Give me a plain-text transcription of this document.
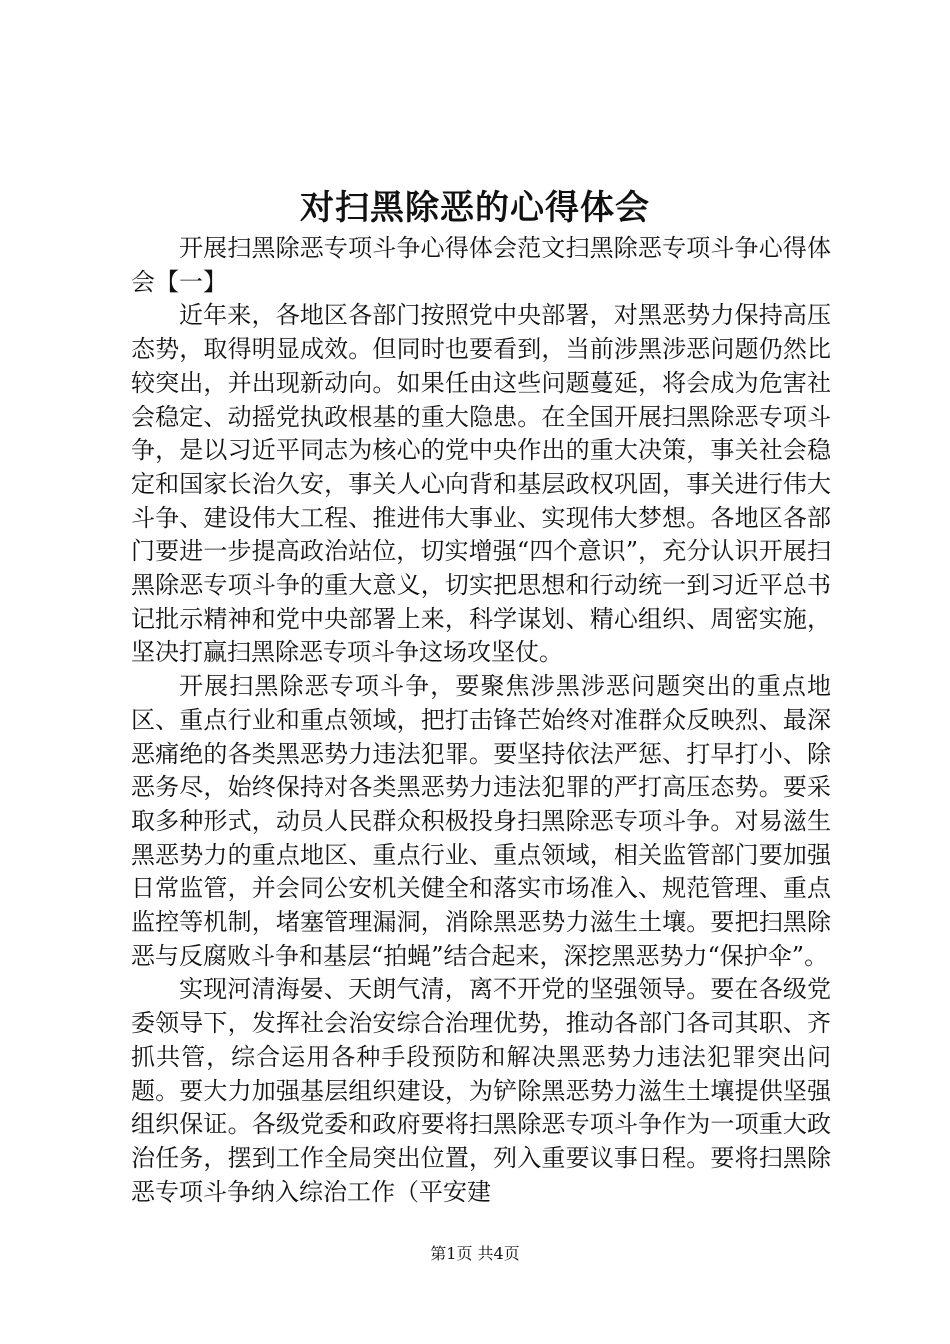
对扫黑除恶的心得体会

开展扫黑除恶专项斗争心得体会范文扫黑除恶专项斗争心得体会【一】

近年来，各地区各部门按照党中央部署，对黑恶势力保持高压态势，取得明显成效。但同时也要看到，当前涉黑涉恶问题仍然比较突出，并出现新动向。如果任由这些问题蔓延，将会成为危害社会稳定、动摇党执政根基的重大隐患。在全国开展扫黑除恶专项斗争，是以习近平同志为核心的党中央作出的重大决策，事关社会稳定和国家长治久安，事关人心向背和基层政权巩固，事关进行伟大斗争、建设伟大工程、推进伟大事业、实现伟大梦想。各地区各部门要进一步提高政治站位，切实增强“四个意识”，充分认识开展扫黑除恶专项斗争的重大意义，切实把思想和行动统一到习近平总书记批示精神和党中央部署上来，科学谋划、精心组织、周密实施，坚决打赢扫黑除恶专项斗争这场攻坚仗。

开展扫黑除恶专项斗争，要聚焦涉黑涉恶问题突出的重点地区、重点行业和重点领域，把打击锋芒始终对准群众反映烈、最深恶痛绝的各类黑恶势力违法犯罪。要坚持依法严惩、打早打小、除恶务尽，始终保持对各类黑恶势力违法犯罪的严打高压态势。要采取多种形式，动员人民群众积极投身扫黑除恶专项斗争。对易滋生黑恶势力的重点地区、重点行业、重点领域，相关监管部门要加强日常监管，并会同公安机关健全和落实市场准入、规范管理、重点监控等机制，堵塞管理漏洞，消除黑恶势力滋生土壤。要把扫黑除恶与反腐败斗争和基层“拍蝇”结合起来，深挖黑恶势力“保护伞”。

实现河清海晏、天朗气清，离不开党的坚强领导。要在各级党委领导下，发挥社会治安综合治理优势，推动各部门各司其职、齐抓共管，综合运用各种手段预防和解决黑恶势力违法犯罪突出问题。要大力加强基层组织建设，为铲除黑恶势力滋生土壤提供坚强组织保证。各级党委和政府要将扫黑除恶专项斗争作为一项重大政治任务，摆到工作全局突出位置，列入重要议事日程。要将扫黑除恶专项斗争纳入综治工作（平安建

第1页 共4页
